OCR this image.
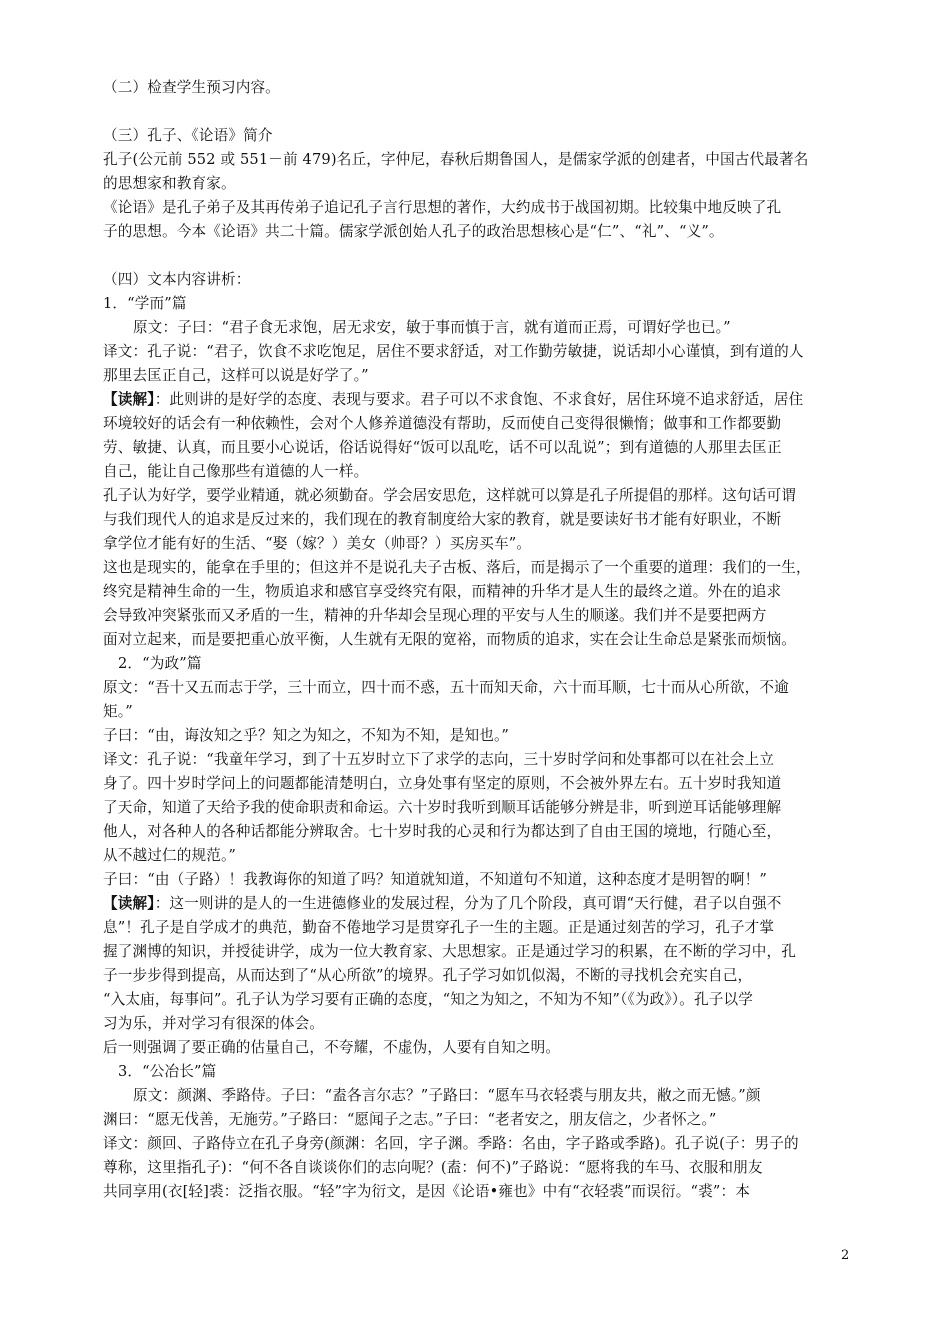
（二）检查学生预习内容。
（三）孔子、《论语》简介
孔子(公元前 552 或 551－前 479)名丘，字仲尼，春秋后期鲁国人，是儒家学派的创建者，中国古代最著名
的思想家和教育家。
《论语》是孔子弟子及其再传弟子追记孔子言行思想的著作，大约成书于战国初期。比较集中地反映了孔
子的思想。今本《论语》共二十篇。儒家学派创始人孔子的政治思想核心是“仁”、“礼”、“义”。
（四）文本内容讲析：
1．“学而”篇
原文：子曰：“君子食无求饱，居无求安，敏于事而慎于言，就有道而正焉，可谓好学也已。”
译文：孔子说：“君子，饮食不求吃饱足，居住不要求舒适，对工作勤劳敏捷，说话却小心谨慎，到有道的人
那里去匡正自己，这样可以说是好学了。”
【读解】：此则讲的是好学的态度、表现与要求。君子可以不求食饱、不求食好，居住环境不追求舒适，居住
环境较好的话会有一种依赖性，会对个人修养道德没有帮助，反而使自己变得很懒惰；做事和工作都要勤
劳、敏捷、认真，而且要小心说话，俗话说得好“饭可以乱吃，话不可以乱说”；到有道德的人那里去匡正
自己，能让自己像那些有道德的人一样。
孔子认为好学，要学业精通，就必须勤奋。学会居安思危，这样就可以算是孔子所提倡的那样。这句话可谓
与我们现代人的追求是反过来的，我们现在的教育制度给大家的教育，就是要读好书才能有好职业，不断
拿学位才能有好的生活、“娶（嫁？）美女（帅哥？）买房买车”。
这也是现实的，能拿在手里的；但这并不是说孔夫子古板、落后，而是揭示了一个重要的道理：我们的一生，
终究是精神生命的一生，物质追求和感官享受终究有限，而精神的升华才是人生的最终之道。外在的追求
会导致冲突紧张而又矛盾的一生，精神的升华却会呈现心理的平安与人生的顺遂。我们并不是要把两方
面对立起来，而是要把重心放平衡，人生就有无限的宽裕，而物质的追求，实在会让生命总是紧张而烦恼。
2．“为政”篇
原文：“吾十又五而志于学，三十而立，四十而不惑，五十而知天命，六十而耳顺，七十而从心所欲，不逾
矩。”
子曰：“由，诲汝知之乎？知之为知之，不知为不知，是知也。”
译文：孔子说：“我童年学习，到了十五岁时立下了求学的志向，三十岁时学问和处事都可以在社会上立
身了。四十岁时学问上的问题都能清楚明白，立身处事有坚定的原则，不会被外界左右。五十岁时我知道
了天命，知道了天给予我的使命职责和命运。六十岁时我听到顺耳话能够分辨是非，听到逆耳话能够理解
他人，对各种人的各种话都能分辨取舍。七十岁时我的心灵和行为都达到了自由王国的境地，行随心至，
从不越过仁的规范。”
子曰：“由（子路）！我教诲你的知道了吗？知道就知道，不知道句不知道，这种态度才是明智的啊！”
【读解】：这一则讲的是人的一生进德修业的发展过程，分为了几个阶段，真可谓“天行健，君子以自强不
息”！孔子是自学成才的典范，勤奋不倦地学习是贯穿孔子一生的主题。正是通过刻苦的学习，孔子才掌
握了渊博的知识，并授徒讲学，成为一位大教育家、大思想家。正是通过学习的积累，在不断的学习中，孔
子一步步得到提高，从而达到了“从心所欲”的境界。孔子学习如饥似渴，不断的寻找机会充实自己，
“入太庙，每事问”。孔子认为学习要有正确的态度，“知之为知之，不知为不知”（《为政》）。孔子以学
习为乐，并对学习有很深的体会。
后一则强调了要正确的估量自己，不夸耀，不虚伪，人要有自知之明。
3．“公冶长”篇
原文：颜渊、季路侍。子曰：“盍各言尔志？”子路曰：“愿车马衣轻裘与朋友共，敝之而无憾。”颜
渊曰：“愿无伐善，无施劳。”子路曰：“愿闻子之志。”子曰：“老者安之，朋友信之，少者怀之。”
译文：颜回、子路侍立在孔子身旁(颜渊：名回，字子渊。季路：名由，字子路或季路)。孔子说(子：男子的
尊称，这里指孔子)：“何不各自谈谈你们的志向呢？(盍：何不)”子路说：“愿将我的车马、衣服和朋友
共同享用(衣[轻]裘：泛指衣服。“轻”字为衍文，是因《论语•雍也》中有“衣轻裘”而误衍。“裘”：本
2
